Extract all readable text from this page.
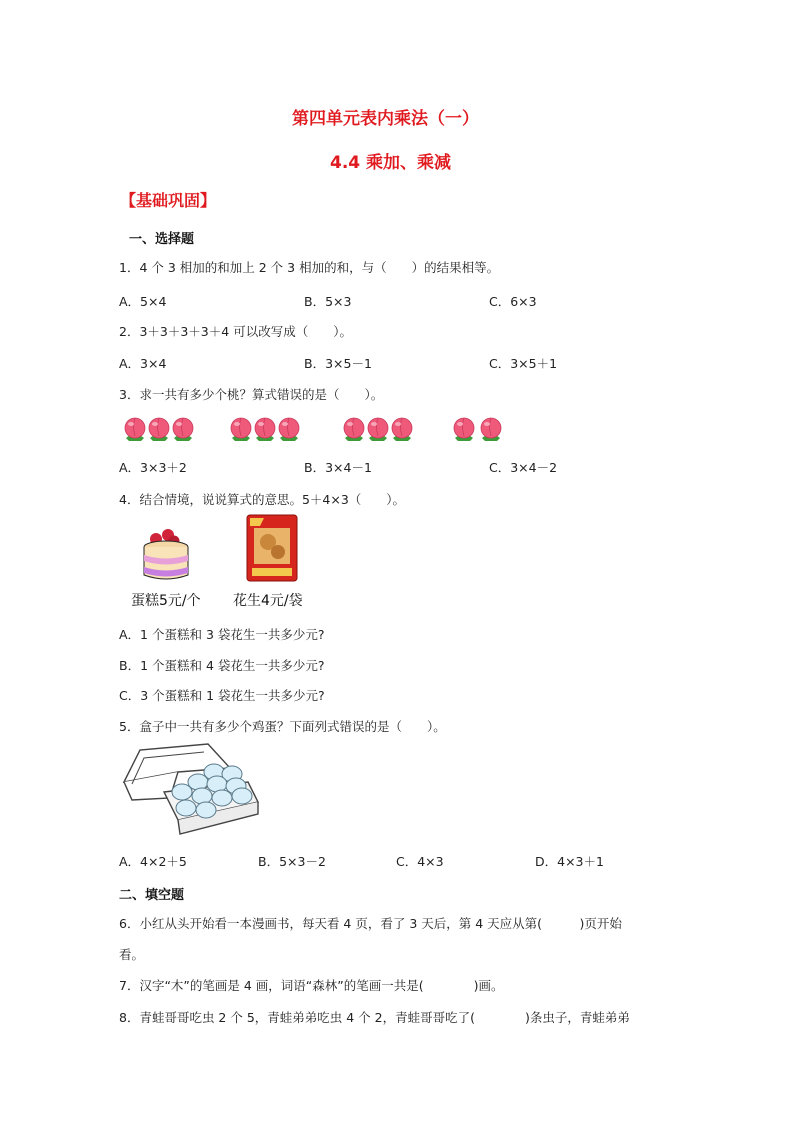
第四单元表内乘法（一）
4.4 乘加、乘减
【基础巩固】
一、选择题
1．4 个 3 相加的和加上 2 个 3 相加的和，与（　　）的结果相等。
A．5×4	B．5×3	C．6×3
2．3＋3＋3＋3＋4 可以改写成（　　）。
A．3×4	B．3×5－1	C．3×5＋1
3．求一共有多少个桃？算式错误的是（　　）。
A．3×3＋2	B．3×4－1	C．3×4－2
4．结合情境，说说算式的意思。5＋4×3（　　）。
蛋糕5元/个 花生4元/袋
A．1 个蛋糕和 3 袋花生一共多少元?
B．1 个蛋糕和 4 袋花生一共多少元?
C．3 个蛋糕和 1 袋花生一共多少元?
5．盒子中一共有多少个鸡蛋？下面列式错误的是（　　）。
A．4×2＋5	B．5×3－2	C．4×3	D．4×3＋1
二、填空题
6．小红从头开始看一本漫画书，每天看 4 页，看了 3 天后，第 4 天应从第(　　　)页开始
看。
7．汉字“木”的笔画是 4 画，词语“森林”的笔画一共是(　　　　)画。
8．青蛙哥哥吃虫 2 个 5，青蛙弟弟吃虫 4 个 2，青蛙哥哥吃了(　　　　)条虫子，青蛙弟弟
